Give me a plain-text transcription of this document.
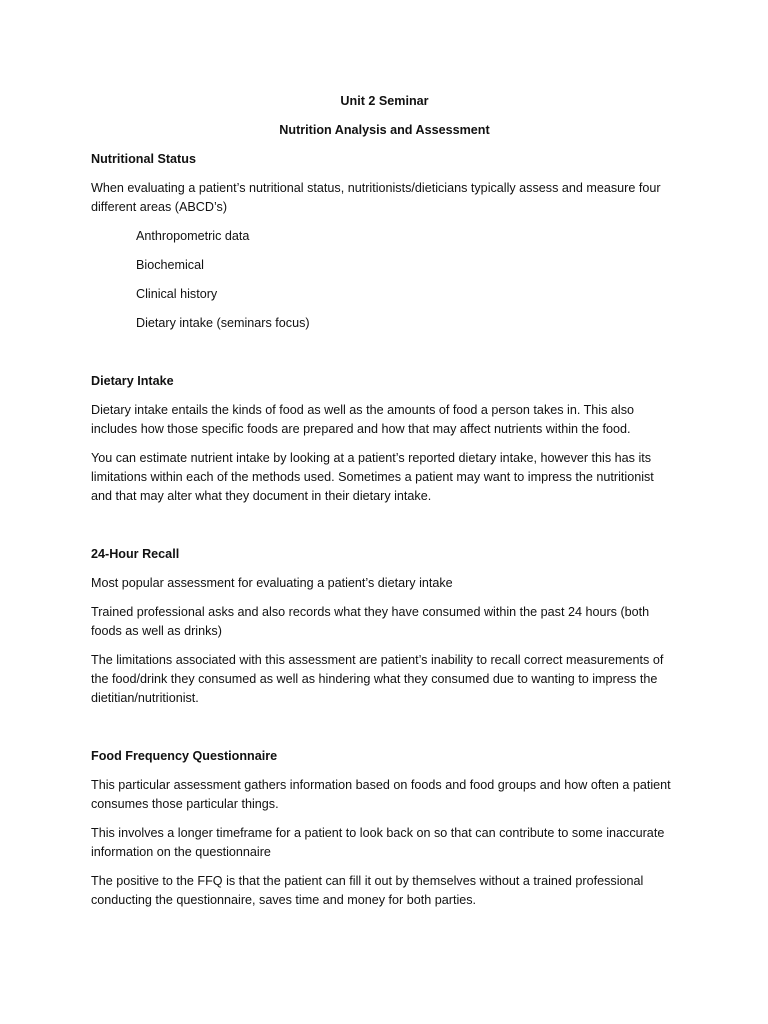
Unit 2 Seminar

Nutrition Analysis and Assessment

Nutritional Status

When evaluating a patient’s nutritional status, nutritionists/dieticians typically assess and measure four different areas (ABCD’s)

Anthropometric data
Biochemical
Clinical history
Dietary intake (seminars focus)

Dietary Intake

Dietary intake entails the kinds of food as well as the amounts of food a person takes in. This also includes how those specific foods are prepared and how that may affect nutrients within the food.

You can estimate nutrient intake by looking at a patient’s reported dietary intake, however this has its limitations within each of the methods used. Sometimes a patient may want to impress the nutritionist and that may alter what they document in their dietary intake.

24-Hour Recall

Most popular assessment for evaluating a patient’s dietary intake

Trained professional asks and also records what they have consumed within the past 24 hours (both foods as well as drinks)

The limitations associated with this assessment are patient’s inability to recall correct measurements of the food/drink they consumed as well as hindering what they consumed due to wanting to impress the dietitian/nutritionist.

Food Frequency Questionnaire

This particular assessment gathers information based on foods and food groups and how often a patient consumes those particular things.

This involves a longer timeframe for a patient to look back on so that can contribute to some inaccurate information on the questionnaire

The positive to the FFQ is that the patient can fill it out by themselves without a trained professional conducting the questionnaire, saves time and money for both parties.
